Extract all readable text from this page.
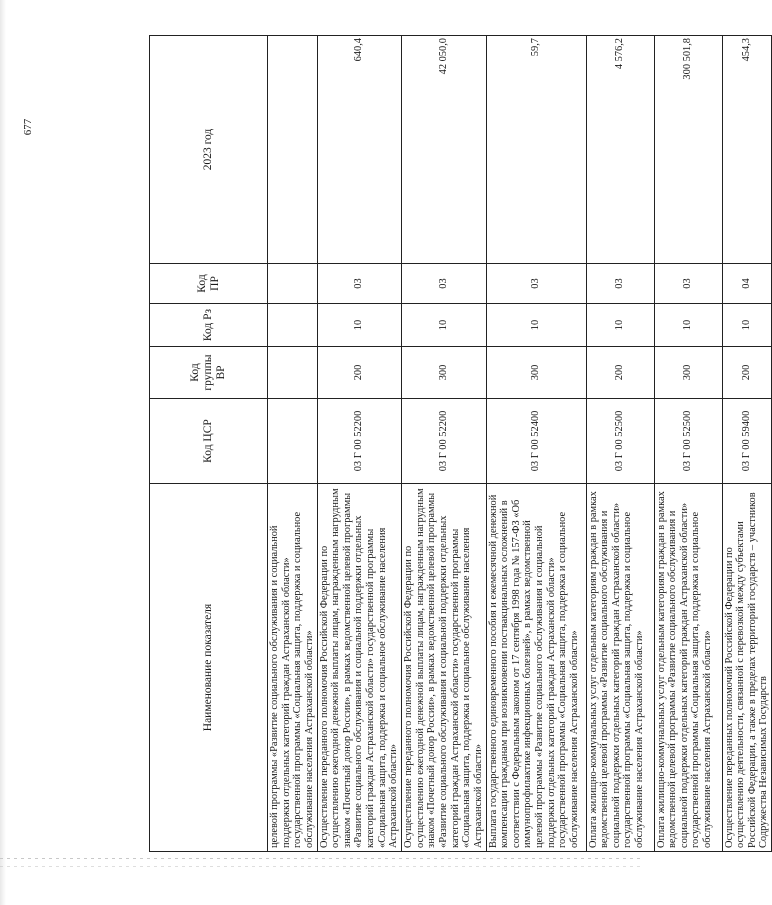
677
Наименование показателя	Код ЦСР	Код группы ВР	Код Рз	Код ПР	2023 год
целевой программы «Развитие социального обслуживания и социальной поддержки отдельных категорий граждан Астраханской области» государственной программы «Социальная защита, поддержка и социальное обслуживание населения Астраханской области»					
Осуществление переданного полномочия Российской Федерации по осуществлению ежегодной денежной выплаты лицам, награжденным нагрудным знаком «Почетный донор России», в рамках ведомственной целевой программы «Развитие социального обслуживания и социальной поддержки отдельных категорий граждан Астраханской области» государственной программы «Социальная защита, поддержка и социальное обслуживание населения Астраханской области»	03 Г 00 52200	200	10	03	640,4
Осуществление переданного полномочия Российской Федерации по осуществлению ежегодной денежной выплаты лицам, награжденным нагрудным знаком «Почетный донор России», в рамках ведомственной целевой программы «Развитие социального обслуживания и социальной поддержки отдельных категорий граждан Астраханской области» государственной программы «Социальная защита, поддержка и социальное обслуживание населения Астраханской области»	03 Г 00 52200	300	10	03	42 050,0
Выплата государственного единовременного пособия и ежемесячной денежной компенсации гражданам при возникновении поствакцинальных осложнений в соответствии с Федеральным законом от 17 сентября 1998 года № 157-ФЗ «Об иммунопрофилактике инфекционных болезней», в рамках ведомственной целевой программы «Развитие социального обслуживания и социальной поддержки отдельных категорий граждан Астраханской области» государственной программы «Социальная защита, поддержка и социальное обслуживание населения Астраханской области»	03 Г 00 52400	300	10	03	59,7
Оплата жилищно-коммунальных услуг отдельным категориям граждан в рамках ведомственной целевой программы «Развитие социального обслуживания и социальной поддержки отдельных категорий граждан Астраханской области» государственной программы «Социальная защита, поддержка и социальное обслуживание населения Астраханской области»	03 Г 00 52500	200	10	03	4 576,2
Оплата жилищно-коммунальных услуг отдельным категориям граждан в рамках ведомственной целевой программы «Развитие социального обслуживания и социальной поддержки отдельных категорий граждан Астраханской области» государственной программы «Социальная защита, поддержка и социальное обслуживание населения Астраханской области»	03 Г 00 52500	300	10	03	300 501,8
Осуществление переданных полномочий Российской Федерации по осуществлению деятельности, связанной с перевозкой между субъектами Российской Федерации, а также в пределах территорий государств – участников Содружества Независимых Государств	03 Г 00 59400	200	10	04	454,3
